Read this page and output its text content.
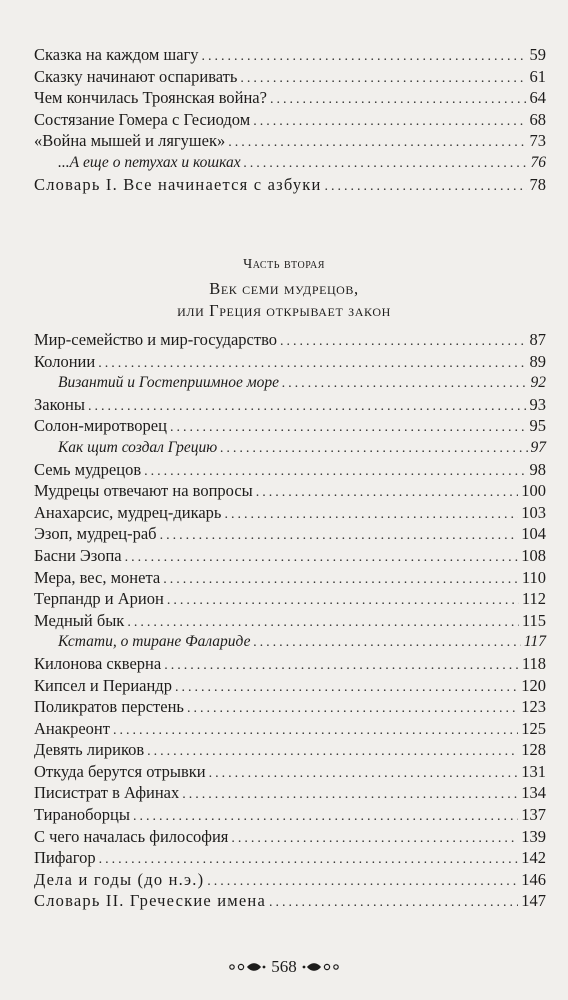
Сказка на каждом шагу .....	59
Сказку начинают оспаривать .....	61
Чем кончилась Троянская война? .....	64
Состязание Гомера с Гесиодом .....	68
«Война мышей и лягушек» .....	73
...А еще о петухах и кошках .....	76
Словарь I. Все начинается с азбуки .....	78
Часть вторая
Век семи мудрецов,
или Греция открывает закон
Мир-семейство и мир-государство .....	87
Колонии .....	89
Византий и Гостеприимное море .....	92
Законы .....	93
Солон-миротворец .....	95
Как щит создал Грецию .....	97
Семь мудрецов .....	98
Мудрецы отвечают на вопросы .....	100
Анахарсис, мудрец-дикарь .....	103
Эзоп, мудрец-раб .....	104
Басни Эзопа .....	108
Мера, вес, монета .....	110
Терпандр и Арион .....	112
Медный бык .....	115
Кстати, о тиране Фалариде .....	117
Килонова скверна .....	118
Кипсел и Периандр .....	120
Поликратов перстень .....	123
Анакреонт .....	125
Девять лириков .....	128
Откуда берутся отрывки .....	131
Писистрат в Афинах .....	134
Тираноборцы .....	137
С чего началась философия .....	139
Пифагор .....	142
Дела и годы (до н.э.) .....	146
Словарь II. Греческие имена .....	147
568
